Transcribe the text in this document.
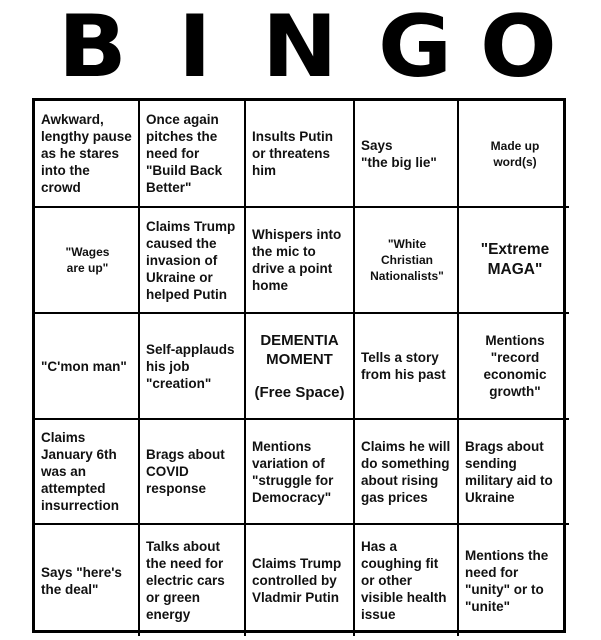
B I N G O
Awkward,
lengthy pause
as he stares
into the
crowd
Once again
pitches the
need for
"Build Back
Better"
Insults Putin
or threatens
him
Says
"the big lie"
Made up
word(s)
"Wages
are up"
Claims Trump
caused the
invasion of
Ukraine or
helped Putin
Whispers into
the mic to
drive a point
home
"White
Christian
Nationalists"
"Extreme
MAGA"
"C'mon man"
Self-applauds
his job
"creation"
DEMENTIA
MOMENT
(Free Space)
Tells a story
from his past
Mentions
"record
economic
growth"
Claims
January 6th
was an
attempted
insurrection
Brags about
COVID
response
Mentions
variation of
"struggle for
Democracy"
Claims he will
do something
about rising
gas prices
Brags about
sending
military aid to
Ukraine
Says "here's
the deal"
Talks about
the need for
electric cars
or green
energy
Claims Trump
controlled by
Vladmir Putin
Has a
coughing fit
or other
visible health
issue
Mentions the
need for
"unity" or to
"unite"
